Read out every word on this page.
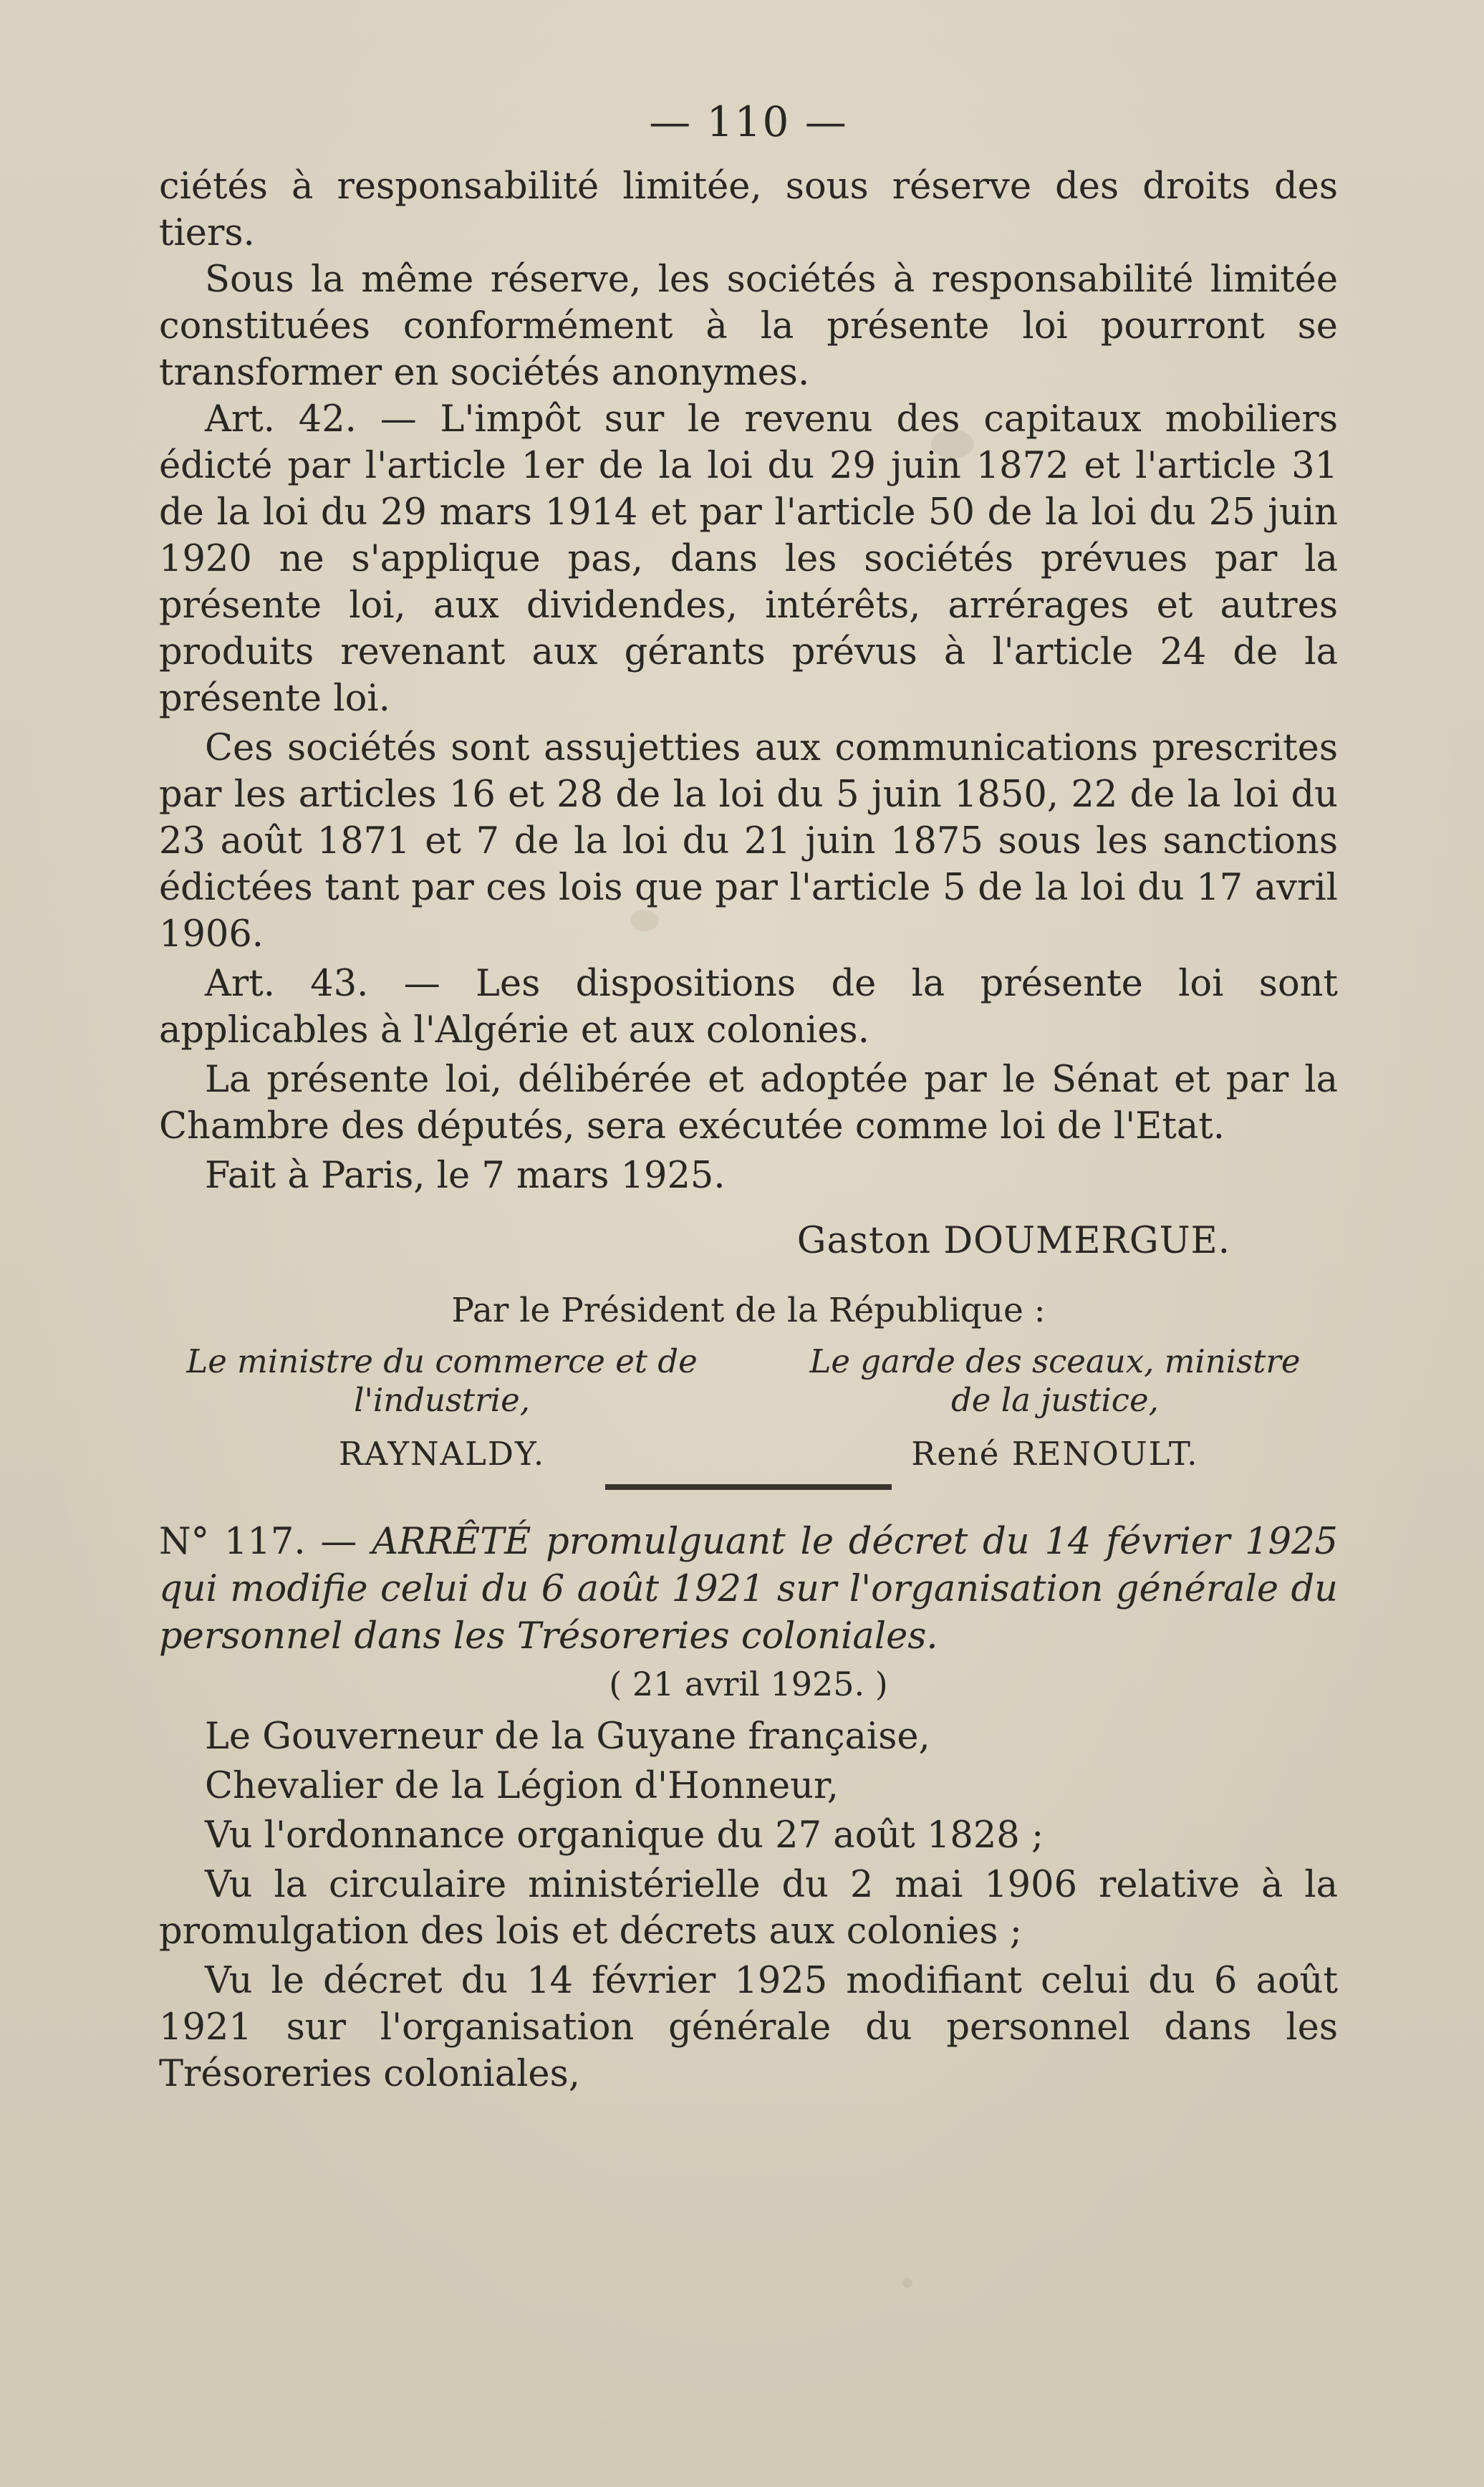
— 110 —

ciétés à responsabilité limitée, sous réserve des droits des tiers.

Sous la même réserve, les sociétés à responsabilité limitée constituées conformément à la présente loi pourront se transformer en sociétés anonymes.

Art. 42. — L'impôt sur le revenu des capitaux mobiliers édicté par l'article 1er de la loi du 29 juin 1872 et l'article 31 de la loi du 29 mars 1914 et par l'article 50 de la loi du 25 juin 1920 ne s'applique pas, dans les sociétés prévues par la présente loi, aux dividendes, intérêts, arrérages et autres produits revenant aux gérants prévus à l'article 24 de la présente loi.

Ces sociétés sont assujetties aux communications prescrites par les articles 16 et 28 de la loi du 5 juin 1850, 22 de la loi du 23 août 1871 et 7 de la loi du 21 juin 1875 sous les sanctions édictées tant par ces lois que par l'article 5 de la loi du 17 avril 1906.

Art. 43. — Les dispositions de la présente loi sont applicables à l'Algérie et aux colonies.

La présente loi, délibérée et adoptée par le Sénat et par la Chambre des députés, sera exécutée comme loi de l'Etat.

Fait à Paris, le 7 mars 1925.

Gaston DOUMERGUE.
Par le Président de la République :
Le ministre du commerce et de
l'industrie,
RAYNALDY.
Le garde des sceaux, ministre
de la justice,
René RENOULT.
N° 117. — ARRÊTÉ promulguant le décret du 14 février 1925 qui modifie celui du 6 août 1921 sur l'organisation générale du personnel dans les Trésoreries coloniales.
( 21 avril 1925. )

Le Gouverneur de la Guyane française,

Chevalier de la Légion d'Honneur,

Vu l'ordonnance organique du 27 août 1828 ;

Vu la circulaire ministérielle du 2 mai 1906 relative à la promulgation des lois et décrets aux colonies ;

Vu le décret du 14 février 1925 modifiant celui du 6 août 1921 sur l'organisation générale du personnel dans les Trésoreries coloniales,
